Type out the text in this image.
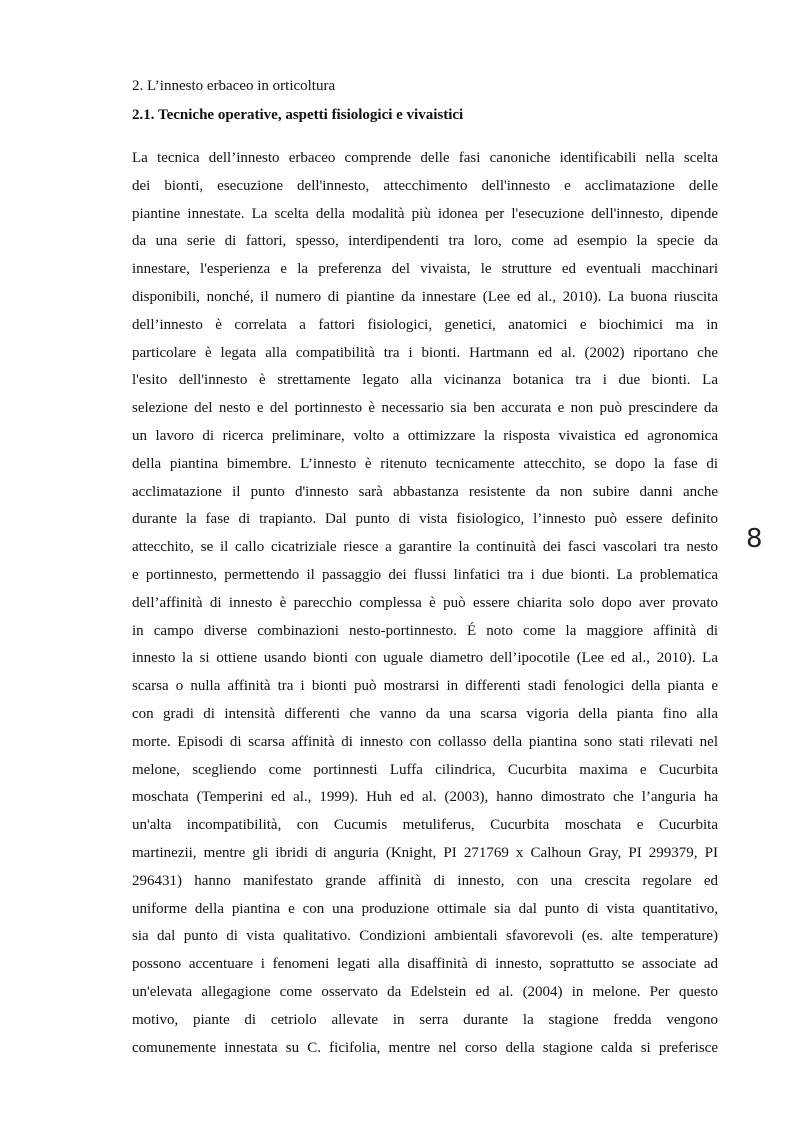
2. L’innesto erbaceo in orticoltura
2.1. Tecniche operative, aspetti fisiologici e vivaistici
La tecnica dell’innesto erbaceo comprende delle fasi canoniche identificabili nella scelta
dei bionti, esecuzione dell'innesto, attecchimento dell'innesto e acclimatazione delle
piantine innestate. La scelta della modalità più idonea per l'esecuzione dell'innesto, dipende
da una serie di fattori, spesso, interdipendenti tra loro, come ad esempio la specie da
innestare, l'esperienza e la preferenza del vivaista, le strutture ed eventuali macchinari
disponibili, nonché, il numero di piantine da innestare (Lee ed al., 2010). La buona riuscita
dell’innesto è correlata a fattori fisiologici, genetici, anatomici e biochimici ma in
particolare è legata alla compatibilità tra i bionti. Hartmann ed al. (2002) riportano che
l'esito dell'innesto è strettamente legato alla vicinanza botanica tra i due bionti. La
selezione del nesto e del portinnesto è necessario sia ben accurata e non può prescindere da
un lavoro di ricerca preliminare, volto a ottimizzare la risposta vivaistica ed agronomica
della piantina bimembre. L’innesto è ritenuto tecnicamente attecchito, se dopo la fase di
acclimatazione il punto d'innesto sarà abbastanza resistente da non subire danni anche
durante la fase di trapianto. Dal punto di vista fisiologico, l’innesto può essere definito
attecchito, se il callo cicatriziale riesce a garantire la continuità dei fasci vascolari tra nesto
e portinnesto, permettendo il passaggio dei flussi linfatici tra i due bionti. La problematica
dell’affinità di innesto è parecchio complessa è può essere chiarita solo dopo aver provato
in campo diverse combinazioni nesto-portinnesto. É noto come la maggiore affinità di
innesto la si ottiene usando bionti con uguale diametro dell’ipocotile (Lee ed al., 2010). La
scarsa o nulla affinità tra i bionti può mostrarsi in differenti stadi fenologici della pianta e
con gradi di intensità differenti che vanno da una scarsa vigoria della pianta fino alla
morte. Episodi di scarsa affinità di innesto con collasso della piantina sono stati rilevati nel
melone, scegliendo come portinnesti Luffa cilindrica, Cucurbita maxima e Cucurbita
moschata (Temperini ed al., 1999). Huh ed al. (2003), hanno dimostrato che l’anguria ha
un'alta incompatibilità, con Cucumis metuliferus, Cucurbita moschata e Cucurbita
martinezii, mentre gli ibridi di anguria (Knight, PI 271769 x Calhoun Gray, PI 299379, PI
296431) hanno manifestato grande affinità di innesto, con una crescita regolare ed
uniforme della piantina e con una produzione ottimale sia dal punto di vista quantitativo,
sia dal punto di vista qualitativo. Condizioni ambientali sfavorevoli (es. alte temperature)
possono accentuare i fenomeni legati alla disaffinità di innesto, soprattutto se associate ad
un'elevata allegagione come osservato da Edelstein ed al. (2004) in melone. Per questo
motivo, piante di cetriolo allevate in serra durante la stagione fredda vengono
comunemente innestata su C. ficifolia, mentre nel corso della stagione calda si preferisce
8
